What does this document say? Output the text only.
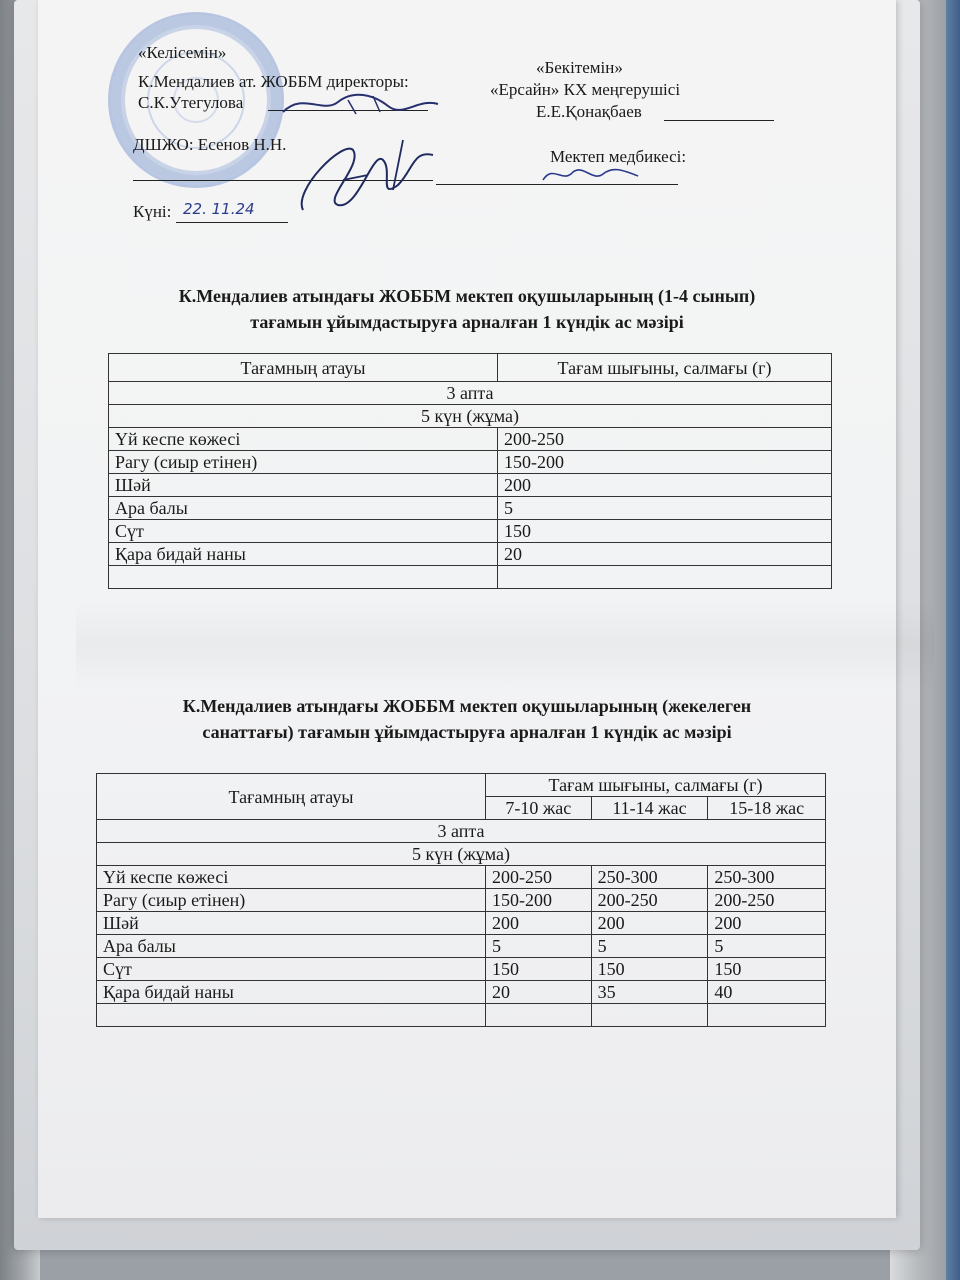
«Келісемін»
К.Мендалиев ат. ЖОББМ директоры:
С.К.Утегулова
ДШЖО: Есенов Н.Н.
Күні: 22. 11.24
«Бекітемін»
«Ерсайн» КХ меңгерушісі
Е.Е.Қонақбаев
Мектеп медбикесі:
К.Мендалиев атындағы ЖОББМ мектеп оқушыларының (1-4 сынып)
тағамын ұйымдастыруға арналған 1 күндік ас мәзірі
Тағамның атауы	Тағам шығыны, салмағы (г)
3 апта	
5 күн (жұма)	
Үй кеспе көжесі	200-250
Рагу (сиыр етінен)	150-200
Шәй	200
Ара балы	5
Сүт	150
Қара бидай наны	20

К.Мендалиев атындағы ЖОББМ мектеп оқушыларының (жекелеген
санаттағы) тағамын ұйымдастыруға арналған 1 күндік ас мәзірі
Тағамның атауы	Тағам шығыны, салмағы (г)		
	7-10 жас	11-14 жас	15-18 жас
3 апта			
5 күн (жұма)			
Үй кеспе көжесі	200-250	250-300	250-300
Рагу (сиыр етінен)	150-200	200-250	200-250
Шәй	200	200	200
Ара балы	5	5	5
Сүт	150	150	150
Қара бидай наны	20	35	40
